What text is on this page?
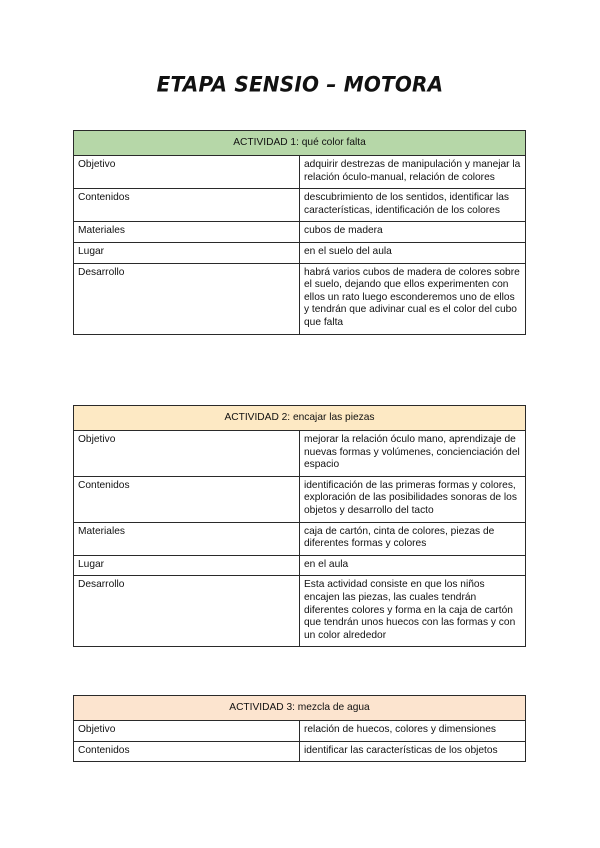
ETAPA SENSIO – MOTORA
ACTIVIDAD 1: qué color falta	
Objetivo	adquirir destrezas de manipulación y manejar la relación óculo-manual, relación de colores
Contenidos	descubrimiento de los sentidos, identificar las características, identificación de los colores
Materiales	cubos de madera
Lugar	en el suelo del aula
Desarrollo	habrá varios cubos de madera de colores sobre el suelo, dejando que ellos experimenten con ellos un rato luego esconderemos uno de ellos y tendrán que adivinar cual es el color del cubo que falta
ACTIVIDAD 2: encajar las piezas	
Objetivo	mejorar la relación óculo mano, aprendizaje de nuevas formas y volúmenes, concienciación del espacio
Contenidos	identificación de las primeras formas y colores, exploración de las posibilidades sonoras de los objetos y desarrollo del tacto
Materiales	caja de cartón, cinta de colores, piezas de diferentes formas y colores
Lugar	en el aula
Desarrollo	Esta actividad consiste en que los niños encajen las piezas, las cuales tendrán diferentes colores y forma en la caja de cartón que tendrán unos huecos con las formas y con un color alrededor
ACTIVIDAD 3: mezcla de agua	
Objetivo	relación de huecos, colores y dimensiones
Contenidos	identificar las características de los objetos
